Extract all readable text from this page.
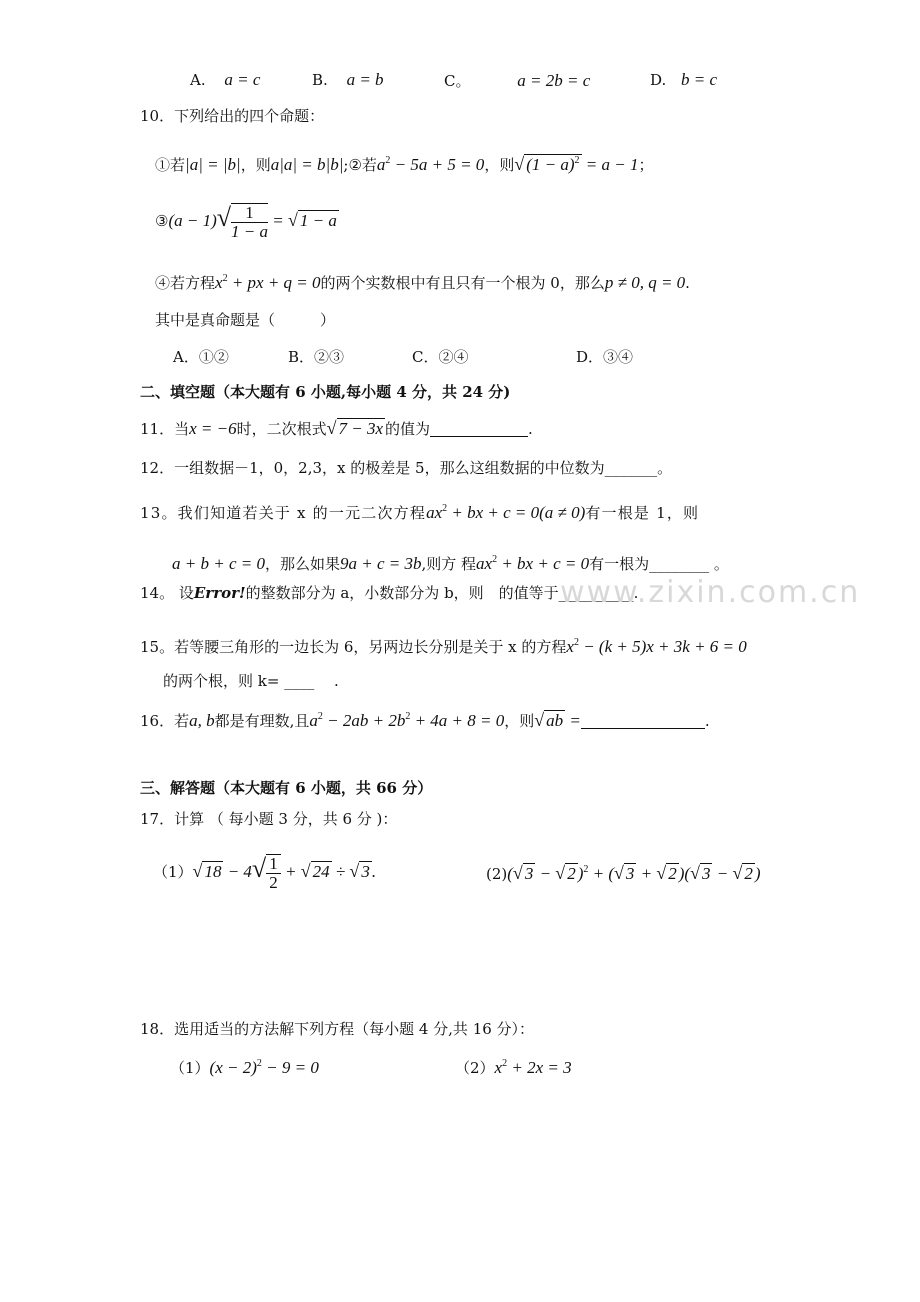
A. a = c	B. a = b	C。	a = 2b = c	D. b = c
10．下列给出的四个命题：
①若|a| = |b|，则a|a| = b|b|;②若$a^2 - 5a + 5 = 0$，则√ $(1 - a)^2 = a - 1$；
③(a − $1)√ \frac{1}{1 - a}$ = √ 1 − a
④若方程$x^2$ + px + q = 0的两个实数根中有且只有一个根为 0，那么p ≠ 0, q = 0.
其中是真命题是（　　　）
A．①②	B．②③	C．②④	D．③④
二、填空题（本大题有 6 小题,每小题 4 分，共 24 分)
11．当x = −6时，二次根式√ 7 − 3x 的值为	.
12．一组数据－1，0，2,3，x 的极差是 5，那么这组数据的中位数为_______。
13。我们知道若关于 x 的一元二次方程$ax^2$ + bx + c = 0(a ≠ 0)有一根是 1，则
a + b + c = 0，那么如果9a + c = 3b,则方 程$ax^2$ + bx + c = 0有一根为________ 。
14。 设Error!的整数部分为 a，小数部分为 b，则　的值等于__________.
www.zixin.com.cn
15。若等腰三角形的一边长为 6，另两边长分别是关于 x 的方程$x^2 - (k + 5)x + 3k + 6 = 0$
的两个根，则 k= ____ 　.
16．若a, b都是有理数,且$a^2 - 2ab + 2b^2 + 4a + 8 = 0$，则√ ab =	.
三、解答题（本大题有 6 小题，共 66 分）
17．计算 （ 每小题 3 分，共 6 分 )：
（1）√ $18 - 4√ \frac{1}{2}$ + √ 24 ÷ √ 3 .	(2)(√ 3 − √ 2 )$^2$ + (√ 3 + √ 2 )(√ 3 − √ 2 )
18．选用适当的方法解下列方程（每小题 4 分,共 16 分）：
$(1)(x - 2)^2 - 9 = 0$	$(2)x^2 + 2x = 3$
